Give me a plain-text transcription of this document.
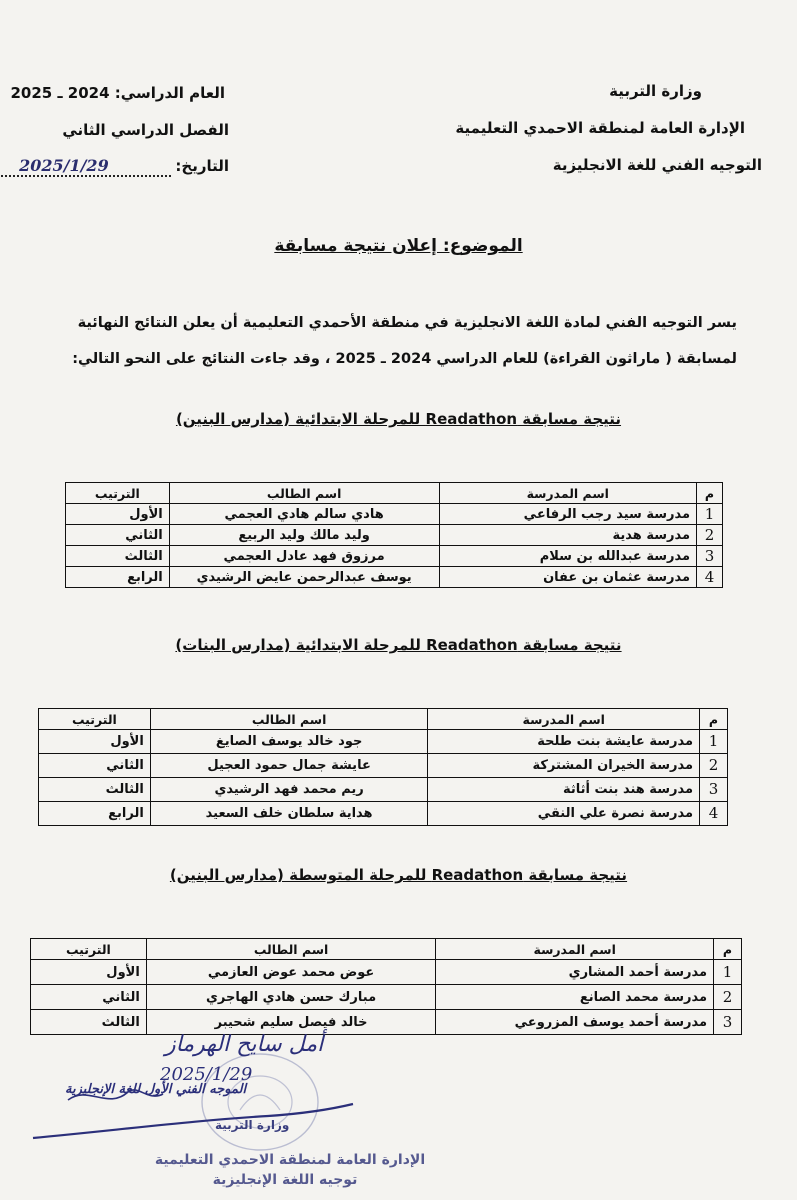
وزارة التربية
الإدارة العامة لمنطقة الاحمدي التعليمية
التوجيه الفني للغة الانجليزية
العام الدراسي: 2024 ـ 2025
الفصل الدراسي الثاني
التاريخ:
2025/1/29
الموضوع: إعلان نتيجة مسابقة
يسر التوجيه الفني لمادة اللغة الانجليزية في منطقة الأحمدي التعليمية أن يعلن النتائج النهائية
لمسابقة ( ماراثون القراءة) للعام الدراسي 2024 ـ 2025 ، وقد جاءت النتائج على النحو التالي:
نتيجة مسابقة Readathon للمرحلة الابتدائية (مدارس البنين)
م	اسم المدرسة	اسم الطالب	الترتيب
1	مدرسة سيد رجب الرفاعي	هادي سالم هادي العجمي	الأول
2	مدرسة هدية	وليد مالك وليد الربيع	الثاني
3	مدرسة عبدالله بن سلام	مرزوق فهد عادل العجمي	الثالث
4	مدرسة عثمان بن عفان	يوسف عبدالرحمن عايض الرشيدي	الرابع
نتيجة مسابقة Readathon للمرحلة الابتدائية (مدارس البنات)
م	اسم المدرسة	اسم الطالب	الترتيب
1	مدرسة عايشة بنت طلحة	جود خالد يوسف الصايغ	الأول
2	مدرسة الخيران المشتركة	عايشة جمال حمود العجيل	الثاني
3	مدرسة هند بنت أثاثة	ريم محمد فهد الرشيدي	الثالث
4	مدرسة نصرة علي النقي	هداية سلطان خلف السعيد	الرابع
نتيجة مسابقة Readathon للمرحلة المتوسطة (مدارس البنين)
م	اسم المدرسة	اسم الطالب	الترتيب
1	مدرسة أحمد المشاري	عوض محمد عوض العازمي	الأول
2	مدرسة محمد الصانع	مبارك حسن هادي الهاجري	الثاني
3	مدرسة أحمد يوسف المزروعي	خالد فيصل سليم شحيبر	الثالث
وزارة التربية
الإدارة العامة لمنطقة الاحمدي التعليمية
توجيه اللغة الإنجليزية
أمل سايح الهرماز
2025/1/29
الموجه الفني الأول للغة الإنجليزية
